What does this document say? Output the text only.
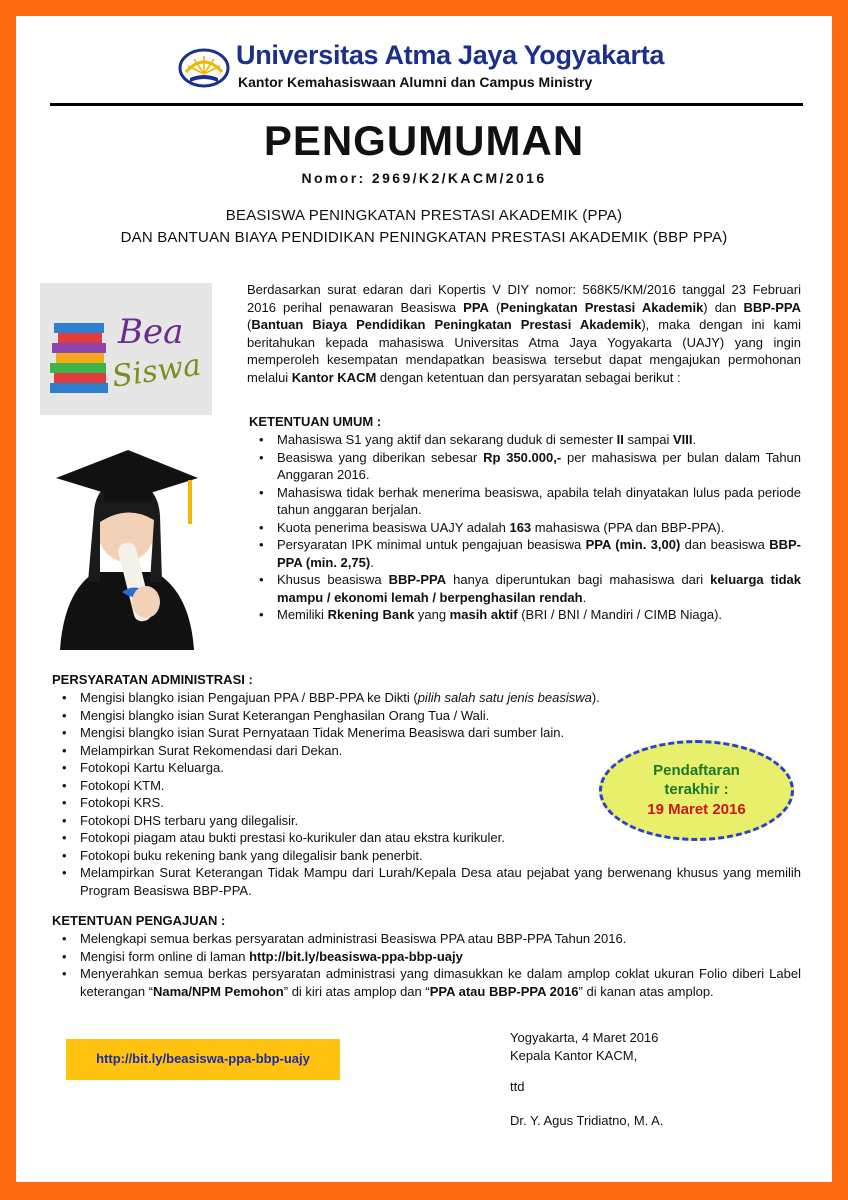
Universitas Atma Jaya Yogyakarta
Kantor Kemahasiswaan Alumni dan Campus Ministry
PENGUMUMAN
Nomor: 2969/K2/KACM/2016
BEASISWA PENINGKATAN PRESTASI AKADEMIK (PPA)
DAN BANTUAN BIAYA PENDIDIKAN PENINGKATAN PRESTASI AKADEMIK (BBP PPA)
Bea
Siswa
Berdasarkan surat edaran dari Kopertis V DIY nomor: 568K5/KM/2016 tanggal 23 Februari 2016 perihal penawaran Beasiswa PPA (Peningkatan Prestasi Akademik) dan BBP-PPA (Bantuan Biaya Pendidikan Peningkatan Prestasi Akademik), maka dengan ini kami beritahukan kepada mahasiswa Universitas Atma Jaya Yogyakarta (UAJY) yang ingin memperoleh kesempatan mendapatkan beasiswa tersebut dapat mengajukan permohonan melalui Kantor KACM dengan ketentuan dan persyaratan sebagai berikut :
KETENTUAN UMUM :
• Mahasiswa S1 yang aktif dan sekarang duduk di semester II sampai VIII.
• Beasiswa yang diberikan sebesar Rp 350.000,- per mahasiswa per bulan dalam Tahun Anggaran 2016.
• Mahasiswa tidak berhak menerima beasiswa, apabila telah dinyatakan lulus pada periode tahun anggaran berjalan.
• Kuota penerima beasiswa UAJY adalah 163 mahasiswa (PPA dan BBP-PPA).
• Persyaratan IPK minimal untuk pengajuan beasiswa PPA (min. 3,00) dan beasiswa BBP-PPA (min. 2,75).
• Khusus beasiswa BBP-PPA hanya diperuntukan bagi mahasiswa dari keluarga tidak mampu / ekonomi lemah / berpenghasilan rendah.
• Memiliki Rkening Bank yang masih aktif (BRI / BNI / Mandiri / CIMB Niaga).
PERSYARATAN ADMINISTRASI :
• Mengisi blangko isian Pengajuan PPA / BBP-PPA ke Dikti (pilih salah satu jenis beasiswa).
• Mengisi blangko isian Surat Keterangan Penghasilan Orang Tua / Wali.
• Mengisi blangko isian Surat Pernyataan Tidak Menerima Beasiswa dari sumber lain.
• Melampirkan Surat Rekomendasi dari Dekan.
• Fotokopi Kartu Keluarga.
• Fotokopi KTM.
• Fotokopi KRS.
• Fotokopi DHS terbaru yang dilegalisir.
• Fotokopi piagam atau bukti prestasi ko-kurikuler dan atau ekstra kurikuler.
• Fotokopi buku rekening bank yang dilegalisir bank penerbit.
• Melampirkan Surat Keterangan Tidak Mampu dari Lurah/Kepala Desa atau pejabat yang berwenang khusus yang memilih Program Beasiswa BBP-PPA.
KETENTUAN PENGAJUAN :
• Melengkapi semua berkas persyaratan administrasi Beasiswa PPA atau BBP-PPA Tahun 2016.
• Mengisi form online di laman http://bit.ly/beasiswa-ppa-bbp-uajy
• Menyerahkan semua berkas persyaratan administrasi yang dimasukkan ke dalam amplop coklat ukuran Folio diberi Label keterangan “Nama/NPM Pemohon” di kiri atas amplop dan “PPA atau BBP-PPA 2016” di kanan atas amplop.
Pendaftaran
terakhir :
19 Maret 2016
http://bit.ly/beasiswa-ppa-bbp-uajy
Yogyakarta, 4 Maret 2016
Kepala Kantor KACM,
ttd
Dr. Y. Agus Tridiatno, M. A.
